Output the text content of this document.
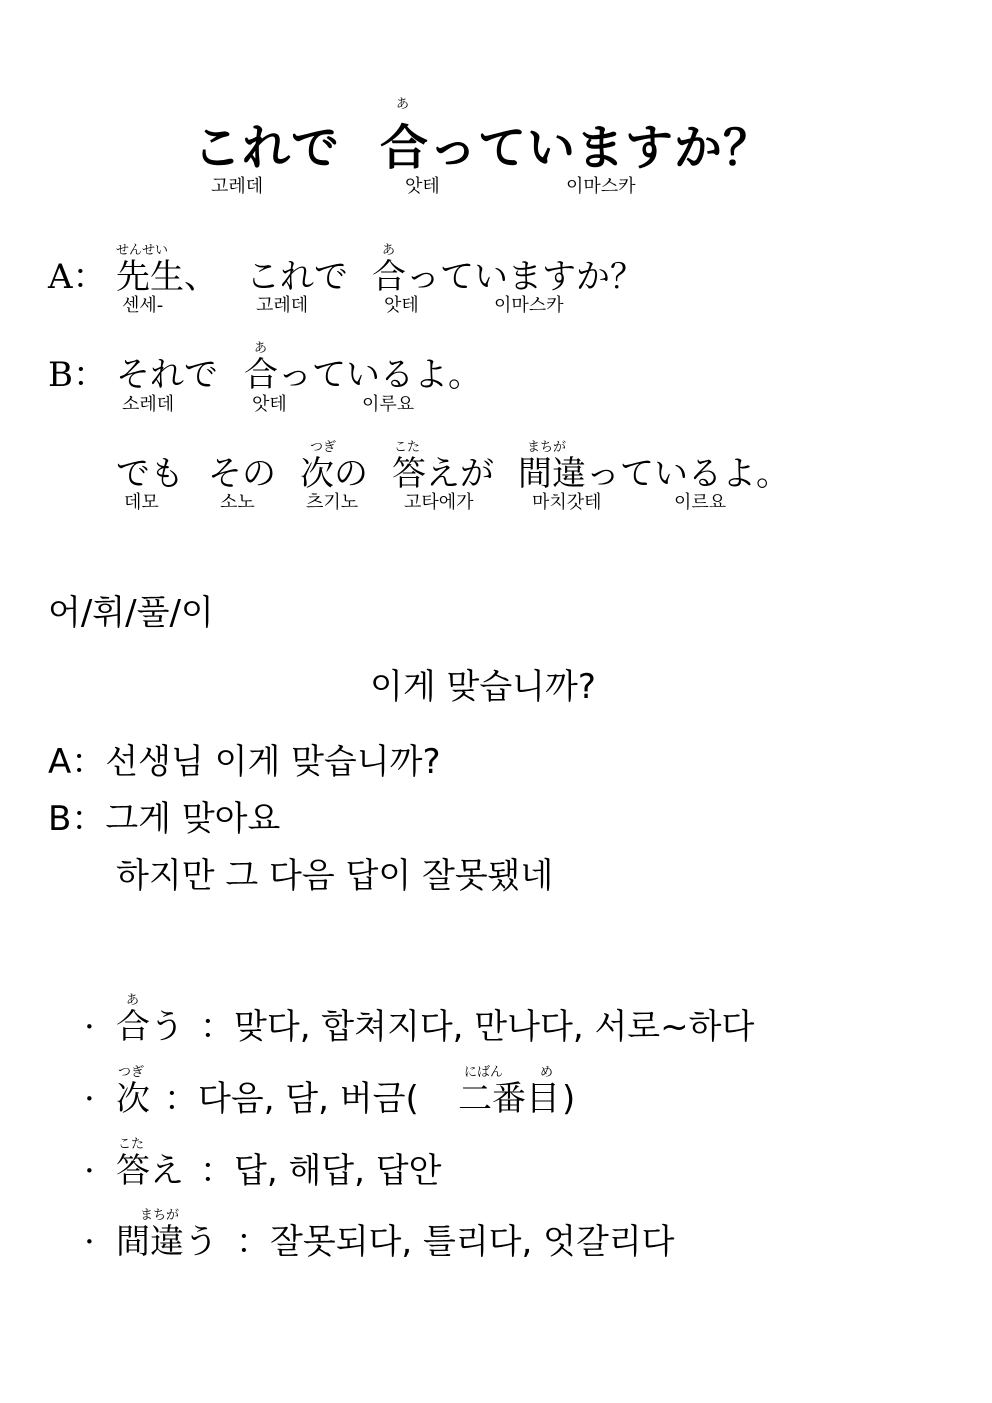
あ
これで 合っていますか？
고레데	앗테	이마스카
せんせい	あ
A： 先生、 これで 合っていますか？
센세-	고레데	앗테	이마스카
あ
B： それで 合っているよ。
소레데	앗테	이루요
つぎ	こた	まちが
でも その 次の 答えが 間違っているよ。
데모	소노	츠기노	고타에가	마치갓테	이르요
어/휘/풀/이
이게 맞습니까?
A：선생님 이게 맞습니까?
B：그게 맞아요
하지만 그 다음 답이 잘못됐네
あ
· 合う ：맞다, 합쳐지다, 만나다, 서로~하다
つぎ	にばん	め
· 次 ：다음, 담, 버금( 二番目 )
こた
· 答え ：답, 해답, 답안
まちが
· 間違う ：잘못되다, 틀리다, 엇갈리다
